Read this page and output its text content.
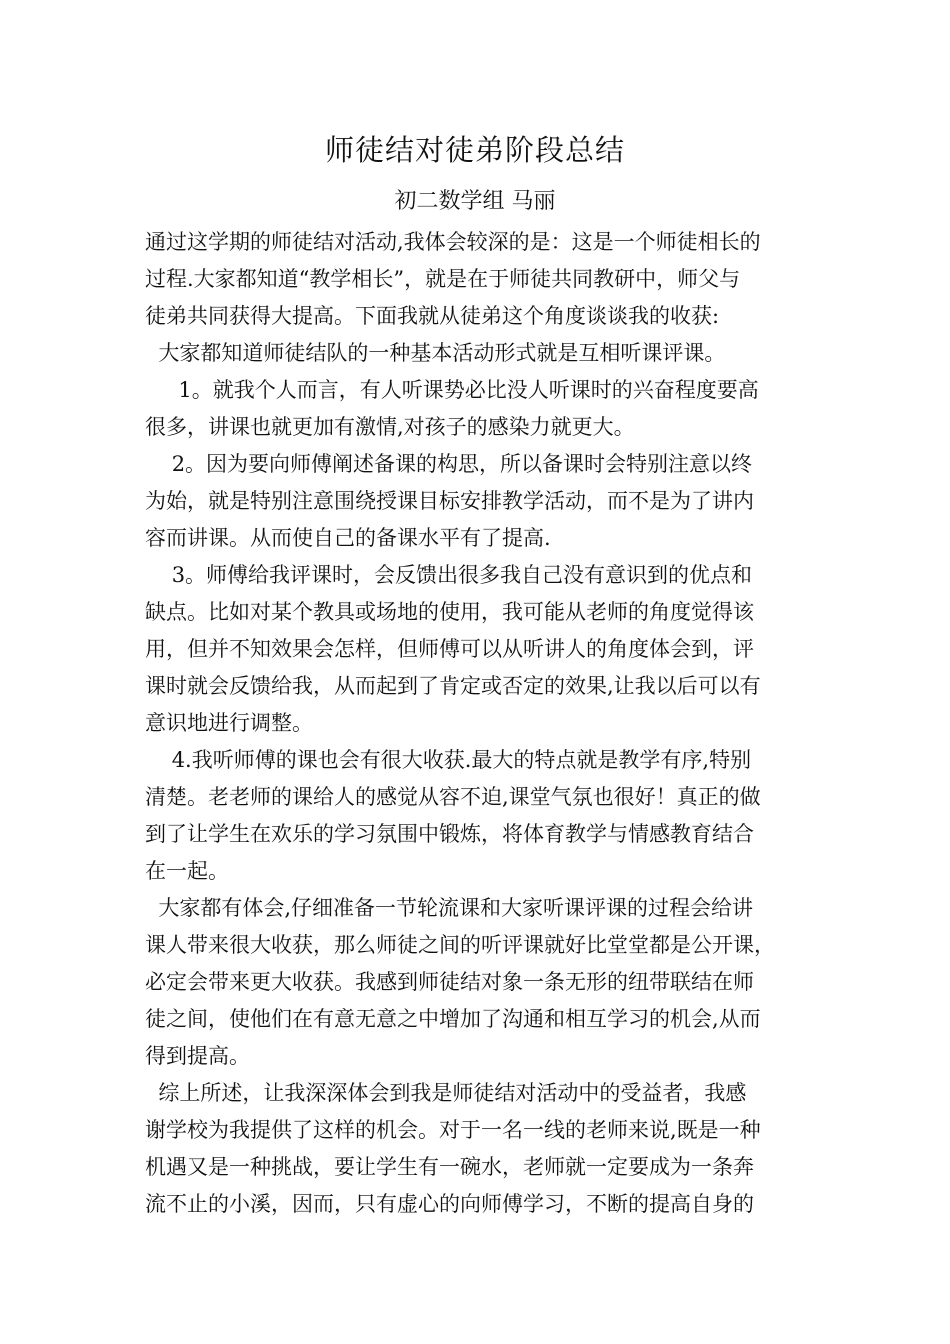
师徒结对徒弟阶段总结
初二数学组 马丽
通过这学期的师徒结对活动,我体会较深的是：这是一个师徒相长的
过程.大家都知道“教学相长”，就是在于师徒共同教研中，师父与
徒弟共同获得大提高。下面我就从徒弟这个角度谈谈我的收获:
大家都知道师徒结队的一种基本活动形式就是互相听课评课。
1。就我个人而言，有人听课势必比没人听课时的兴奋程度要高
很多，讲课也就更加有激情,对孩子的感染力就更大。
2。因为要向师傅阐述备课的构思，所以备课时会特别注意以终
为始，就是特别注意围绕授课目标安排教学活动，而不是为了讲内
容而讲课。从而使自己的备课水平有了提高.
3。师傅给我评课时，会反馈出很多我自己没有意识到的优点和
缺点。比如对某个教具或场地的使用，我可能从老师的角度觉得该
用，但并不知效果会怎样，但师傅可以从听讲人的角度体会到，评
课时就会反馈给我，从而起到了肯定或否定的效果,让我以后可以有
意识地进行调整。
4.我听师傅的课也会有很大收获.最大的特点就是教学有序,特别
清楚。老老师的课给人的感觉从容不迫,课堂气氛也很好！真正的做
到了让学生在欢乐的学习氛围中锻炼，将体育教学与情感教育结合
在一起。
大家都有体会,仔细准备一节轮流课和大家听课评课的过程会给讲
课人带来很大收获，那么师徒之间的听评课就好比堂堂都是公开课，
必定会带来更大收获。我感到师徒结对象一条无形的纽带联结在师
徒之间，使他们在有意无意之中增加了沟通和相互学习的机会,从而
得到提高。
综上所述，让我深深体会到我是师徒结对活动中的受益者，我感
谢学校为我提供了这样的机会。对于一名一线的老师来说,既是一种
机遇又是一种挑战，要让学生有一碗水，老师就一定要成为一条奔
流不止的小溪，因而，只有虚心的向师傅学习，不断的提高自身的
